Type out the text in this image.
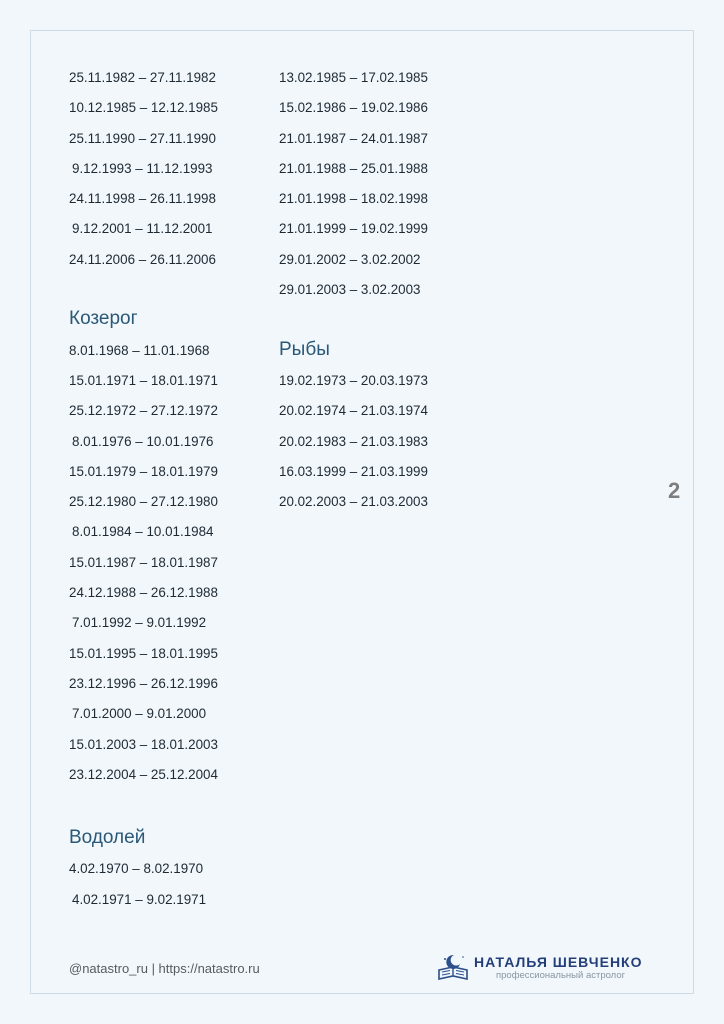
25.11.1982 – 27.11.1982
10.12.1985 – 12.12.1985
25.11.1990 – 27.11.1990
9.12.1993 – 11.12.1993
24.11.1998 – 26.11.1998
9.12.2001 – 11.12.2001
24.11.2006 – 26.11.2006
Козерог
8.01.1968 – 11.01.1968
15.01.1971 – 18.01.1971
25.12.1972 – 27.12.1972
8.01.1976 – 10.01.1976
15.01.1979 – 18.01.1979
25.12.1980 – 27.12.1980
8.01.1984 – 10.01.1984
15.01.1987 – 18.01.1987
24.12.1988 – 26.12.1988
7.01.1992 – 9.01.1992
15.01.1995 – 18.01.1995
23.12.1996 – 26.12.1996
7.01.2000 – 9.01.2000
15.01.2003 – 18.01.2003
23.12.2004 – 25.12.2004
Водолей
4.02.1970 – 8.02.1970
4.02.1971 – 9.02.1971
13.02.1985 – 17.02.1985
15.02.1986 – 19.02.1986
21.01.1987 – 24.01.1987
21.01.1988 – 25.01.1988
21.01.1998 – 18.02.1998
21.01.1999 – 19.02.1999
29.01.2002 – 3.02.2002
29.01.2003 – 3.02.2003
Рыбы
19.02.1973 – 20.03.1973
20.02.1974 – 21.03.1974
20.02.1983 – 21.03.1983
16.03.1999 – 21.03.1999
20.02.2003 – 21.03.2003	2
@natastro_ru | https://natastro.ru	НАТАЛЬЯ ШЕВЧЕНКО
профессиональный астролог
